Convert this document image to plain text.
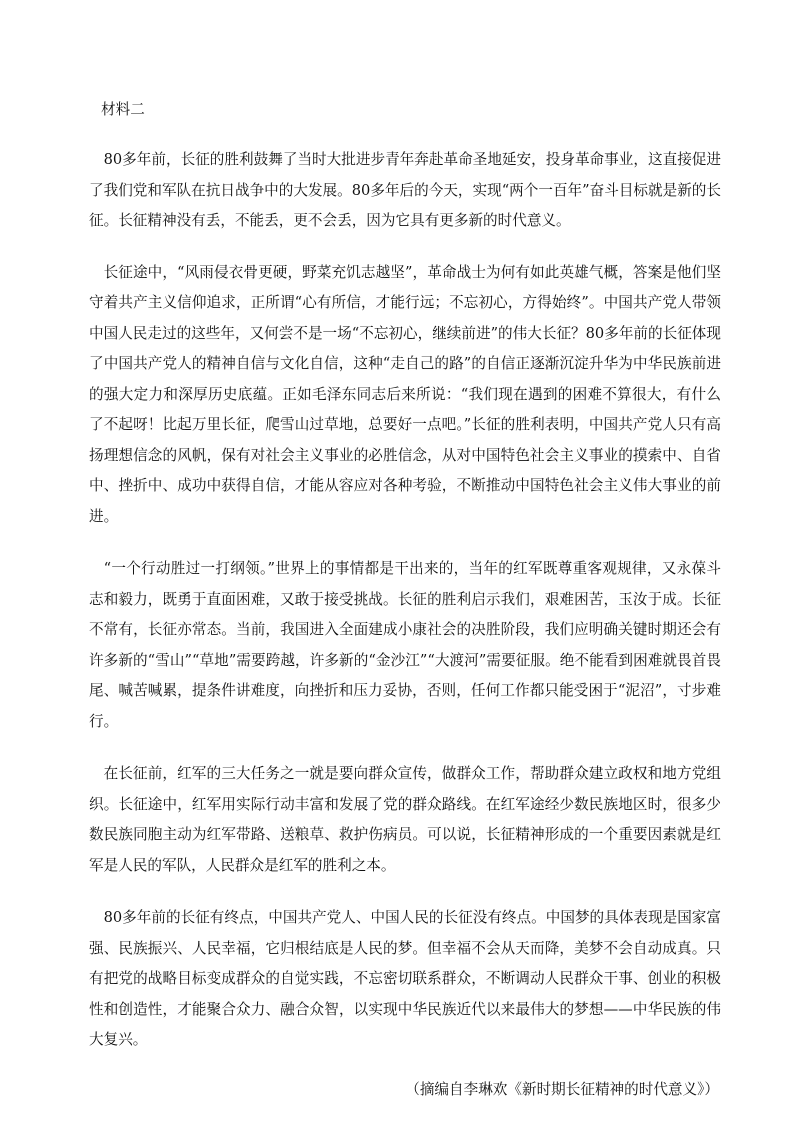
材料二

80多年前，长征的胜利鼓舞了当时大批进步青年奔赴革命圣地延安，投身革命事业，这直接促进了我们党和军队在抗日战争中的大发展。80多年后的今天，实现“两个一百年”奋斗目标就是新的长征。长征精神没有丢，不能丢，更不会丢，因为它具有更多新的时代意义。

长征途中，“风雨侵衣骨更硬，野菜充饥志越坚”，革命战士为何有如此英雄气概，答案是他们坚守着共产主义信仰追求，正所谓“心有所信，才能行远；不忘初心，方得始终”。中国共产党人带领中国人民走过的这些年，又何尝不是一场“不忘初心，继续前进”的伟大长征？80多年前的长征体现了中国共产党人的精神自信与文化自信，这种“走自己的路”的自信正逐渐沉淀升华为中华民族前进的强大定力和深厚历史底蕴。正如毛泽东同志后来所说：“我们现在遇到的困难不算很大，有什么了不起呀！比起万里长征，爬雪山过草地，总要好一点吧。”长征的胜利表明，中国共产党人只有高扬理想信念的风帆，保有对社会主义事业的必胜信念，从对中国特色社会主义事业的摸索中、自省中、挫折中、成功中获得自信，才能从容应对各种考验，不断推动中国特色社会主义伟大事业的前进。

“一个行动胜过一打纲领。”世界上的事情都是干出来的，当年的红军既尊重客观规律，又永葆斗志和毅力，既勇于直面困难，又敢于接受挑战。长征的胜利启示我们，艰难困苦，玉汝于成。长征不常有，长征亦常态。当前，我国进入全面建成小康社会的决胜阶段，我们应明确关键时期还会有许多新的“雪山”“草地”需要跨越，许多新的“金沙江”“大渡河”需要征服。绝不能看到困难就畏首畏尾、喊苦喊累，提条件讲难度，向挫折和压力妥协，否则，任何工作都只能受困于“泥沼”，寸步难行。

在长征前，红军的三大任务之一就是要向群众宣传，做群众工作，帮助群众建立政权和地方党组织。长征途中，红军用实际行动丰富和发展了党的群众路线。在红军途经少数民族地区时，很多少数民族同胞主动为红军带路、送粮草、救护伤病员。可以说，长征精神形成的一个重要因素就是红军是人民的军队，人民群众是红军的胜利之本。

80多年前的长征有终点，中国共产党人、中国人民的长征没有终点。中国梦的具体表现是国家富强、民族振兴、人民幸福，它归根结底是人民的梦。但幸福不会从天而降，美梦不会自动成真。只有把党的战略目标变成群众的自觉实践，不忘密切联系群众，不断调动人民群众干事、创业的积极性和创造性，才能聚合众力、融合众智，以实现中华民族近代以来最伟大的梦想——中华民族的伟大复兴。

（摘编自李琳欢《新时期长征精神的时代意义》）
